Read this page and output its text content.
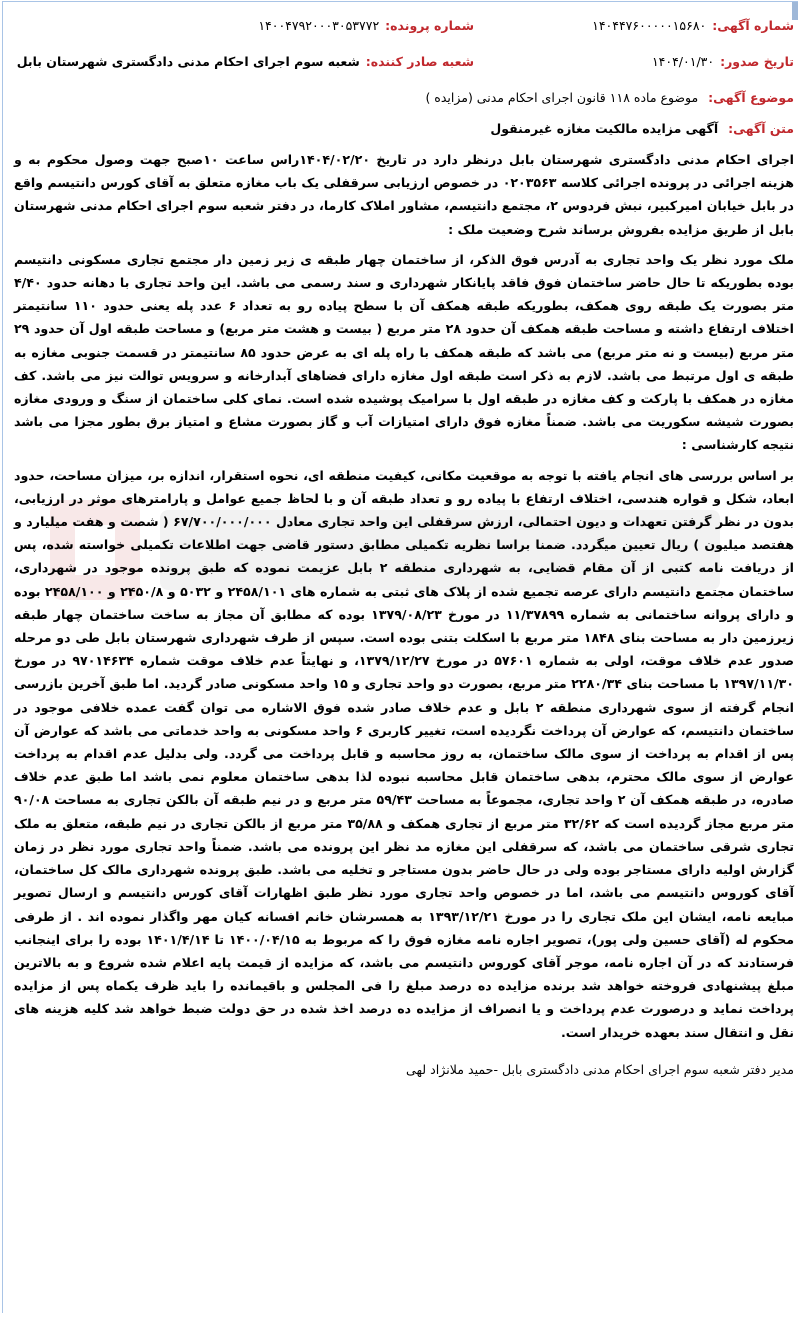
شماره آگهی:
۱۴۰۴۴۷۶۰۰۰۰۰۱۵۶۸۰
شماره پرونده:
۱۴۰۰۴۷۹۲۰۰۰۳۰۵۳۷۷۲
تاریخ صدور:
۱۴۰۴/۰۱/۳۰
شعبه صادر کننده:
شعبه سوم اجرای احکام مدنی دادگستری شهرستان بابل
موضوع آگهی: موضوع ماده ۱۱۸ قانون اجرای احکام مدنی (مزایده )
متن آگهی: آگهی مزایده مالکیت مغازه غیرمنقول

اجرای احکام مدنی دادگستری شهرستان بابل درنظر دارد در تاریخ ۱۴۰۴/۰۲/۲۰راس ساعت ۱۰صبح جهت وصول محکوم به و هزینه اجرائی در پرونده اجرائی کلاسه ۰۲۰۳۵۶۳ در خصوص ارزیابی سرقفلی یک باب مغازه متعلق به آقای کورس دانتیسم واقع در بابل خیابان امیرکبیر، نبش فردوس ۲، مجتمع دانتیسم، مشاور املاک کارما، در دفتر شعبه سوم اجرای احکام مدنی شهرستان بابل از طریق مزایده بفروش برساند شرح وضعیت ملک :

ملک مورد نظر یک واحد تجاری به آدرس فوق الذکر، از ساختمان چهار طبقه ی زیر زمین دار مجتمع تجاری مسکونی دانتیسم بوده بطوریکه تا حال حاضر ساختمان فوق فاقد پایانکار شهرداری و سند رسمی می باشد. این واحد تجاری با دهانه حدود ۴/۴۰ متر بصورت یک طبقه روی همکف، بطوریکه طبقه همکف آن با سطح پیاده رو به تعداد ۶ عدد پله یعنی حدود ۱۱۰ سانتیمتر اختلاف ارتفاع داشته و مساحت طبقه همکف آن حدود ۲۸ متر مربع ( بیست و هشت متر مربع) و مساحت طبقه اول آن حدود ۲۹ متر مربع (بیست و نه متر مربع) می باشد که طبقه همکف با راه پله ای به عرض حدود ۸۵ سانتیمتر در قسمت جنوبی مغازه به طبقه ی اول مرتبط می باشد. لازم به ذکر است طبقه اول مغازه دارای فضاهای آبدارخانه و سرویس توالت نیز می باشد. کف مغازه در همکف با پارکت و کف مغازه در طبقه اول با سرامیک پوشیده شده است. نمای کلی ساختمان از سنگ و ورودی مغازه بصورت شیشه سکوریت می باشد. ضمناً مغازه فوق دارای امتیازات آب و گاز بصورت مشاع و امتیاز برق بطور مجزا می باشد نتیجه کارشناسی :

بر اساس بررسی های انجام یافته با توجه به موقعیت مکانی، کیفیت منطقه ای، نحوه استقرار، اندازه بر، میزان مساحت، حدود ابعاد، شکل و قواره هندسی، اختلاف ارتفاع با پیاده رو و تعداد طبقه آن و با لحاظ جمیع عوامل و پارامترهای موثر در ارزیابی، بدون در نظر گرفتن تعهدات و دیون احتمالی، ارزش سرقفلی این واحد تجاری معادل ۶۷/۷۰۰/۰۰۰/۰۰۰ ( شصت و هفت میلیارد و هفتصد میلیون ) ریال تعیین میگردد. ضمنا براسا نظریه تکمیلی مطابق دستور قاضی جهت اطلاعات تکمیلی خواسته شده، پس از دریافت نامه کتبی از آن مقام قضایی، به شهرداری منطقه ۲ بابل عزیمت نموده که طبق پرونده موجود در شهرداری، ساختمان مجتمع دانتیسم دارای عرصه تجمیع شده از پلاک های ثبتی به شماره های ۲۴۵۸/۱۰۱ و ۵۰۳۲ و ۲۴۵۰/۸ و ۲۴۵۸/۱۰۰ بوده و دارای پروانه ساختمانی به شماره ۱۱/۳۷۸۹۹ در مورخ ۱۳۷۹/۰۸/۲۳ بوده که مطابق آن مجاز به ساخت ساختمان چهار طبقه زیرزمین دار به مساحت بنای ۱۸۴۸ متر مربع با اسکلت بتنی بوده است. سپس از طرف شهرداری شهرستان بابل طی دو مرحله صدور عدم خلاف موقت، اولی به شماره ۵۷۶۰۱ در مورخ ۱۳۷۹/۱۲/۲۷، و نهایتاً عدم خلاف موقت شماره ۹۷۰۱۴۶۳۴ در مورخ ۱۳۹۷/۱۱/۳۰ با مساحت بنای ۲۲۸۰/۳۴ متر مربع، بصورت دو واحد تجاری و ۱۵ واحد مسکونی صادر گردید. اما طبق آخرین بازرسی انجام گرفته از سوی شهرداری منطقه ۲ بابل و عدم خلاف صادر شده فوق الاشاره می توان گفت عمده خلافی موجود در ساختمان دانتیسم، که عوارض آن پرداخت نگردیده است، تغییر کاربری ۶ واحد مسکونی به واحد خدماتی می باشد که عوارض آن پس از اقدام به پرداخت از سوی مالک ساختمان، به روز محاسبه و قابل پرداخت می گردد. ولی بدلیل عدم اقدام به پرداخت عوارض از سوی مالک محترم، بدهی ساختمان قابل محاسبه نبوده لذا بدهی ساختمان معلوم نمی باشد اما طبق عدم خلاف صادره، در طبقه همکف آن ۲ واحد تجاری، مجموعاً به مساحت ۵۹/۴۳ متر مربع و در نیم طبقه آن بالکن تجاری به مساحت ۹۰/۰۸ متر مربع مجاز گردیده است که ۳۲/۶۲ متر مربع از تجاری همکف و ۳۵/۸۸ متر مربع از بالکن تجاری در نیم طبقه، متعلق به ملک تجاری شرقی ساختمان می باشد، که سرقفلی این مغازه مد نظر این پرونده می باشد. ضمناً واحد تجاری مورد نظر در زمان گزارش اولیه دارای مستاجر بوده ولی در حال حاضر بدون مستاجر و تخلیه می باشد. طبق پرونده شهرداری مالک کل ساختمان، آقای کوروس دانتیسم می باشد، اما در خصوص واحد تجاری مورد نظر طبق اظهارات آقای کورس دانتیسم و ارسال تصویر مبایعه نامه، ایشان این ملک تجاری را در مورخ ۱۳۹۳/۱۲/۲۱ به همسرشان خانم افسانه کیان مهر واگذار نموده اند . از طرفی محکوم له (آقای حسین ولی پور)، تصویر اجاره نامه مغازه فوق را که مربوط به ۱۴۰۰/۰۴/۱۵ تا ۱۴۰۱/۴/۱۴ بوده را برای اینجانب فرستادند که در آن اجاره نامه، موجر آقای کوروس دانتیسم می باشد، که مزایده از قیمت پایه اعلام شده شروع و به بالاترین مبلغ پیشنهادی فروخته خواهد شد برنده مزایده ده درصد مبلغ را فی المجلس و باقیمانده را باید ظرف یکماه پس از مزایده پرداخت نماید و درصورت عدم پرداخت و یا انصراف از مزایده ده درصد اخذ شده در حق دولت ضبط خواهد شد کلیه هزینه های نقل و انتقال سند بعهده خریدار است.

مدیر دفتر شعبه سوم اجرای احکام مدنی دادگستری بابل -حمید ملانژاد لهی
